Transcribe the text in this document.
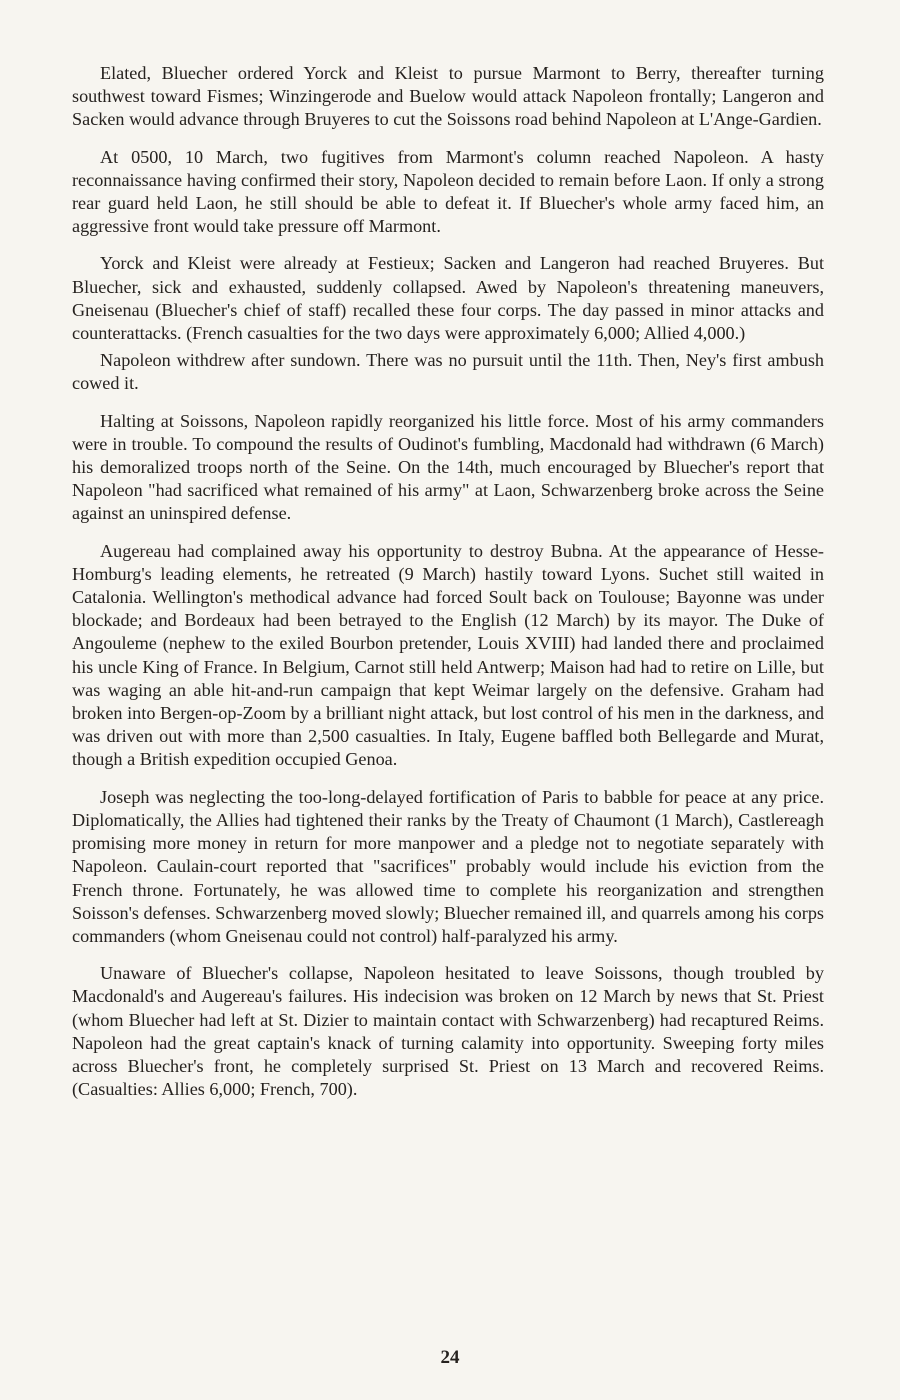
Elated, Bluecher ordered Yorck and Kleist to pursue Marmont to Berry, thereafter turning southwest toward Fismes; Winzingerode and Buelow would attack Napoleon frontally; Langeron and Sacken would advance through Bruyeres to cut the Soissons road behind Napoleon at L'Ange-Gardien.

At 0500, 10 March, two fugitives from Marmont's column reached Napoleon. A hasty reconnaissance having confirmed their story, Napoleon decided to remain before Laon. If only a strong rear guard held Laon, he still should be able to defeat it. If Bluecher's whole army faced him, an aggressive front would take pressure off Marmont.

Yorck and Kleist were already at Festieux; Sacken and Langeron had reached Bruyeres. But Bluecher, sick and exhausted, suddenly collapsed. Awed by Napoleon's threatening maneuvers, Gneisenau (Bluecher's chief of staff) recalled these four corps. The day passed in minor attacks and counterattacks. (French casualties for the two days were approximately 6,000; Allied 4,000.)

Napoleon withdrew after sundown. There was no pursuit until the 11th. Then, Ney's first ambush cowed it.

Halting at Soissons, Napoleon rapidly reorganized his little force. Most of his army commanders were in trouble. To compound the results of Oudinot's fumbling, Macdonald had withdrawn (6 March) his demoralized troops north of the Seine. On the 14th, much encouraged by Bluecher's report that Napoleon "had sacrificed what remained of his army" at Laon, Schwarzenberg broke across the Seine against an uninspired defense.

Augereau had complained away his opportunity to destroy Bubna. At the appearance of Hesse-Homburg's leading elements, he retreated (9 March) hastily toward Lyons. Suchet still waited in Catalonia. Wellington's methodical advance had forced Soult back on Toulouse; Bayonne was under blockade; and Bordeaux had been betrayed to the English (12 March) by its mayor. The Duke of Angouleme (nephew to the exiled Bourbon pretender, Louis XVIII) had landed there and proclaimed his uncle King of France. In Belgium, Carnot still held Antwerp; Maison had had to retire on Lille, but was waging an able hit-and-run campaign that kept Weimar largely on the defensive. Graham had broken into Bergen-op-Zoom by a brilliant night attack, but lost control of his men in the darkness, and was driven out with more than 2,500 casualties. In Italy, Eugene baffled both Bellegarde and Murat, though a British expedition occupied Genoa.

Joseph was neglecting the too-long-delayed fortification of Paris to babble for peace at any price. Diplomatically, the Allies had tightened their ranks by the Treaty of Chaumont (1 March), Castlereagh promising more money in return for more manpower and a pledge not to negotiate separately with Napoleon. Caulain-court reported that "sacrifices" probably would include his eviction from the French throne. Fortunately, he was allowed time to complete his reorganization and strengthen Soisson's defenses. Schwarzenberg moved slowly; Bluecher remained ill, and quarrels among his corps commanders (whom Gneisenau could not control) half-paralyzed his army.

Unaware of Bluecher's collapse, Napoleon hesitated to leave Soissons, though troubled by Macdonald's and Augereau's failures. His indecision was broken on 12 March by news that St. Priest (whom Bluecher had left at St. Dizier to maintain contact with Schwarzenberg) had recaptured Reims. Napoleon had the great captain's knack of turning calamity into opportunity. Sweeping forty miles across Bluecher's front, he completely surprised St. Priest on 13 March and recovered Reims. (Casualties: Allies 6,000; French, 700).

24
